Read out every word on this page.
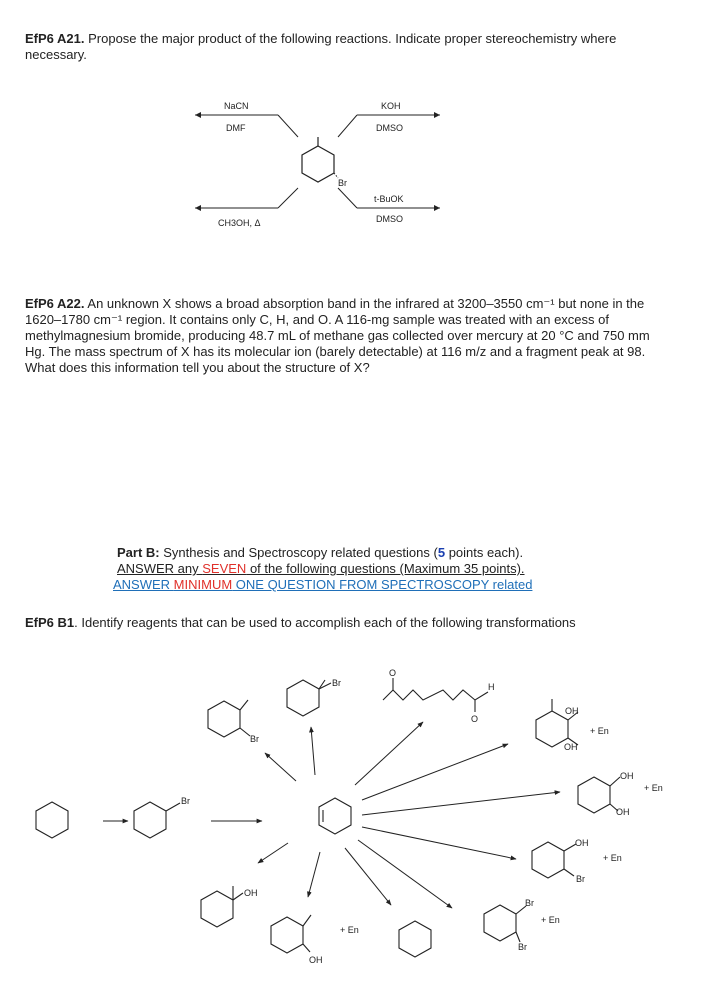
EfP6 A21. Propose the major product of the following reactions. Indicate proper stereochemistry where necessary.
Br
NaCN
DMF
KOH
DMSO
t-BuOK
DMSO
CH3OH, Δ
EfP6 A22. An unknown X shows a broad absorption band in the infrared at 3200–3550 cm⁻¹ but none in the 1620–1780 cm⁻¹ region. It contains only C, H, and O. A 116-mg sample was treated with an excess of methylmagnesium bromide, producing 48.7 mL of methane gas collected over mercury at 20 °C and 750 mm Hg. The mass spectrum of X has its molecular ion (barely detectable) at 116 m/z and a fragment peak at 98. What does this information tell you about the structure of X?
Part B: Synthesis and Spectroscopy related questions (5 points each).
ANSWER any SEVEN of the following questions (Maximum 35 points).
ANSWER MINIMUM ONE QUESTION FROM SPECTROSCOPY related
EfP6 B1. Identify reagents that can be used to accomplish each of the following transformations
Br
Br
Br
O
H
O
OH
OH
+ En
OH
OH
+ En
OH
Br
+ En
Br
Br
+ En
+ En
OH
OH
